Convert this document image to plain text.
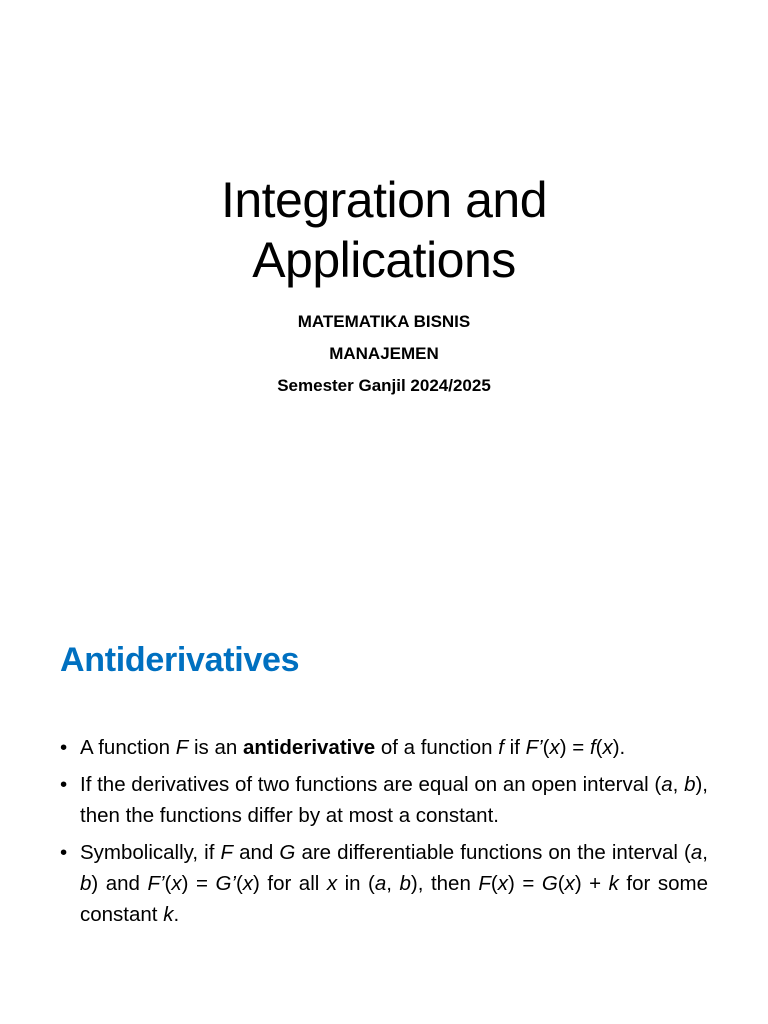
Integration and
Applications
MATEMATIKA BISNIS
MANAJEMEN
Semester Ganjil 2024/2025
Antiderivatives
• A function F is an antiderivative of a function f if F’(x) = f(x).
• If the derivatives of two functions are equal on an open interval (a, b), then the functions differ by at most a constant.
• Symbolically, if F and G are differentiable functions on the interval (a, b) and F’(x) = G’(x) for all x in (a, b), then F(x) = G(x) + k for some constant k.
